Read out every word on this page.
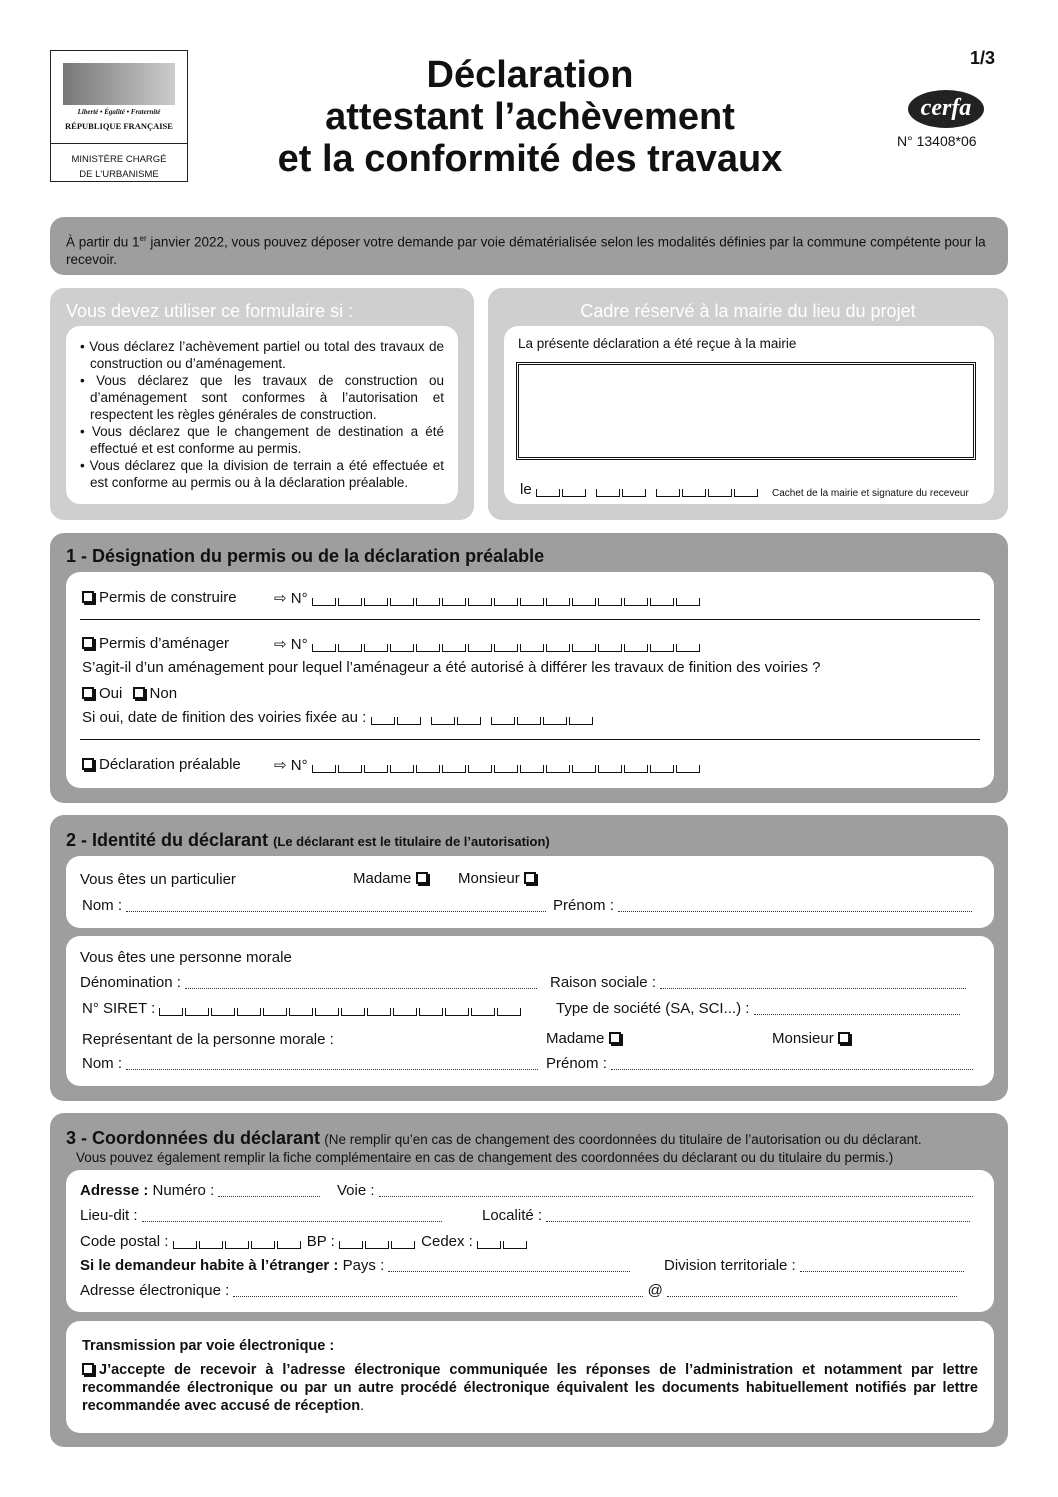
Liberté • Égalité • Fraternité
RÉPUBLIQUE FRANÇAISE
MINISTÈRE CHARGÉ
DE L'URBANISME
Déclaration
attestant l’achèvement
et la conformité des travaux
1/3
cerfa
N° 13408*06
À partir du 1er janvier 2022, vous pouvez déposer votre demande par voie dématérialisée selon les modalités définies par la commune compétente pour la recevoir.
Vous devez utiliser ce formulaire si :
• Vous déclarez l’achèvement partiel ou total des travaux de construction ou d’aménagement.
• Vous déclarez que les travaux de construction ou d’aménagement sont conformes à l’autorisation et respectent les règles générales de construction.
• Vous déclarez que le changement de destination a été effectué et est conforme au permis.
• Vous déclarez que la division de terrain a été effectuée et est conforme au permis ou à la déclaration préalable.
Cadre réservé à la mairie du lieu du projet
La présente déclaration a été reçue à la mairie
le	Cachet de la mairie et signature du receveur
1 - Désignation du permis ou de la déclaration préalable
Permis de construire ⇨ N°
Permis d’aménager	⇨ N°
S’agit-il d’un aménagement pour lequel l’aménageur a été autorisé à différer les travaux de finition des voiries ?
Oui Non
Si oui, date de finition des voiries fixée au :
Déclaration préalable ⇨ N°
2 - Identité du déclarant (Le déclarant est le titulaire de l’autorisation)
Vous êtes un particulier	Madame	Monsieur
Nom :	Prénom :
Vous êtes une personne morale
Dénomination :	Raison sociale :
N° SIRET :	Type de société (SA, SCI...) :
Représentant de la personne morale :	Madame	Monsieur
Nom :	Prénom :
3 - Coordonnées du déclarant (Ne remplir qu’en cas de changement des coordonnées du titulaire de l’autorisation ou du déclarant.
Vous pouvez également remplir la fiche complémentaire en cas de changement des coordonnées du déclarant ou du titulaire du permis.)
Adresse : Numéro :	Voie :
Lieu-dit :	Localité :
Code postal :	BP :	Cedex :
Si le demandeur habite à l’étranger : Pays :	Division territoriale :
Adresse électronique :	@
Transmission par voie électronique :
J’accepte de recevoir à l’adresse électronique communiquée les réponses de l’administration et notamment par lettre recommandée électronique ou par un autre procédé électronique équivalent les documents habituellement notifiés par lettre recommandée avec accusé de réception.
